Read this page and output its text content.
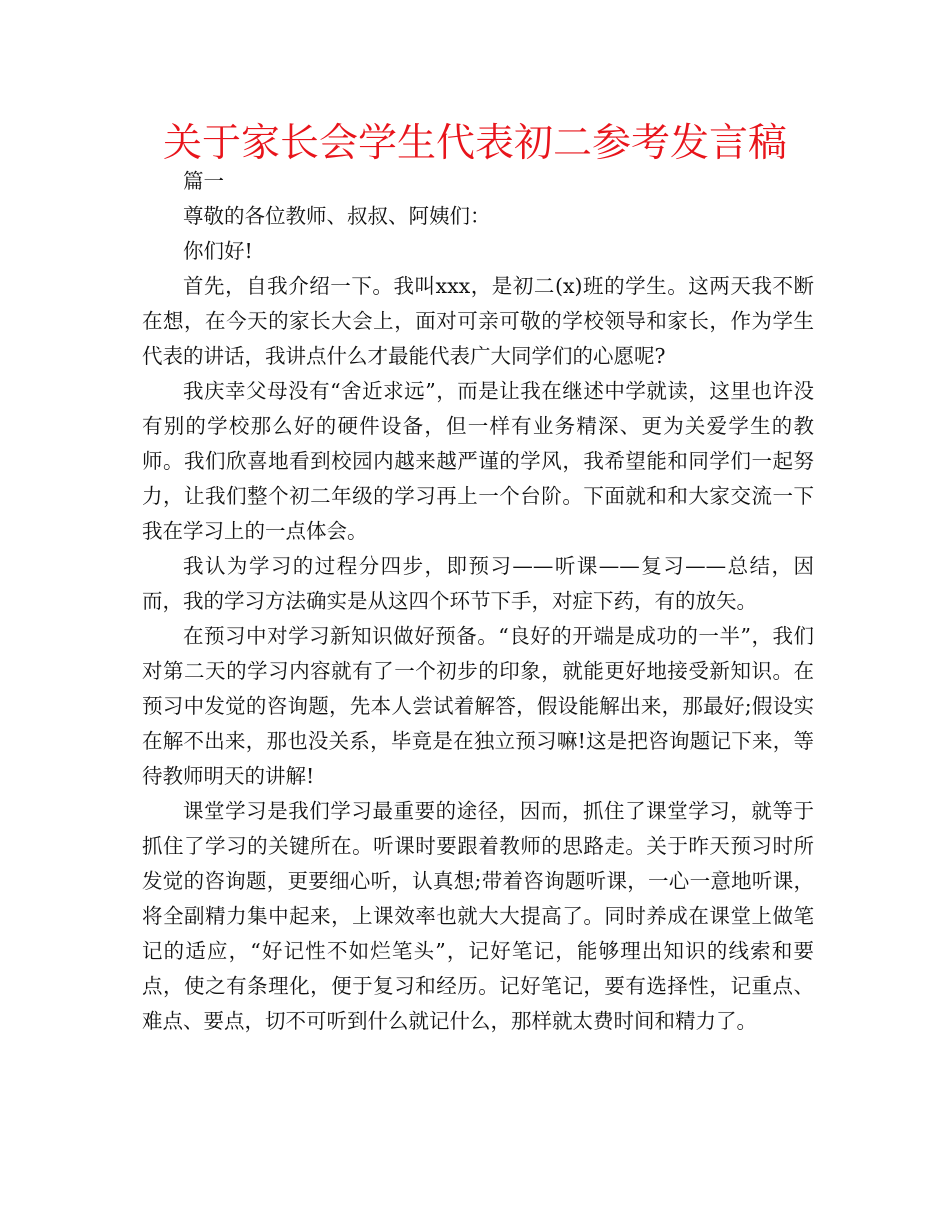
关于家长会学生代表初二参考发言稿

篇一

尊敬的各位教师、叔叔、阿姨们：

你们好!

首先，自我介绍一下。我叫xxx，是初二(x)班的学生。这两天我不断在想，在今天的家长大会上，面对可亲可敬的学校领导和家长，作为学生代表的讲话，我讲点什么才最能代表广大同学们的心愿呢?

我庆幸父母没有“舍近求远”，而是让我在继述中学就读，这里也许没有别的学校那么好的硬件设备，但一样有业务精深、更为关爱学生的教师。我们欣喜地看到校园内越来越严谨的学风，我希望能和同学们一起努力，让我们整个初二年级的学习再上一个台阶。下面就和和大家交流一下我在学习上的一点体会。

我认为学习的过程分四步，即预习——听课——复习——总结，因而，我的学习方法确实是从这四个环节下手，对症下药，有的放矢。

在预习中对学习新知识做好预备。“良好的开端是成功的一半”，我们对第二天的学习内容就有了一个初步的印象，就能更好地接受新知识。在预习中发觉的咨询题，先本人尝试着解答，假设能解出来，那最好;假设实在解不出来，那也没关系，毕竟是在独立预习嘛!这是把咨询题记下来，等待教师明天的讲解!

课堂学习是我们学习最重要的途径，因而，抓住了课堂学习，就等于抓住了学习的关键所在。听课时要跟着教师的思路走。关于昨天预习时所发觉的咨询题，更要细心听，认真想;带着咨询题听课，一心一意地听课，将全副精力集中起来，上课效率也就大大提高了。同时养成在课堂上做笔记的适应，“好记性不如烂笔头”，记好笔记，能够理出知识的线索和要点，使之有条理化，便于复习和经历。记好笔记，要有选择性，记重点、难点、要点，切不可听到什么就记什么，那样就太费时间和精力了。
